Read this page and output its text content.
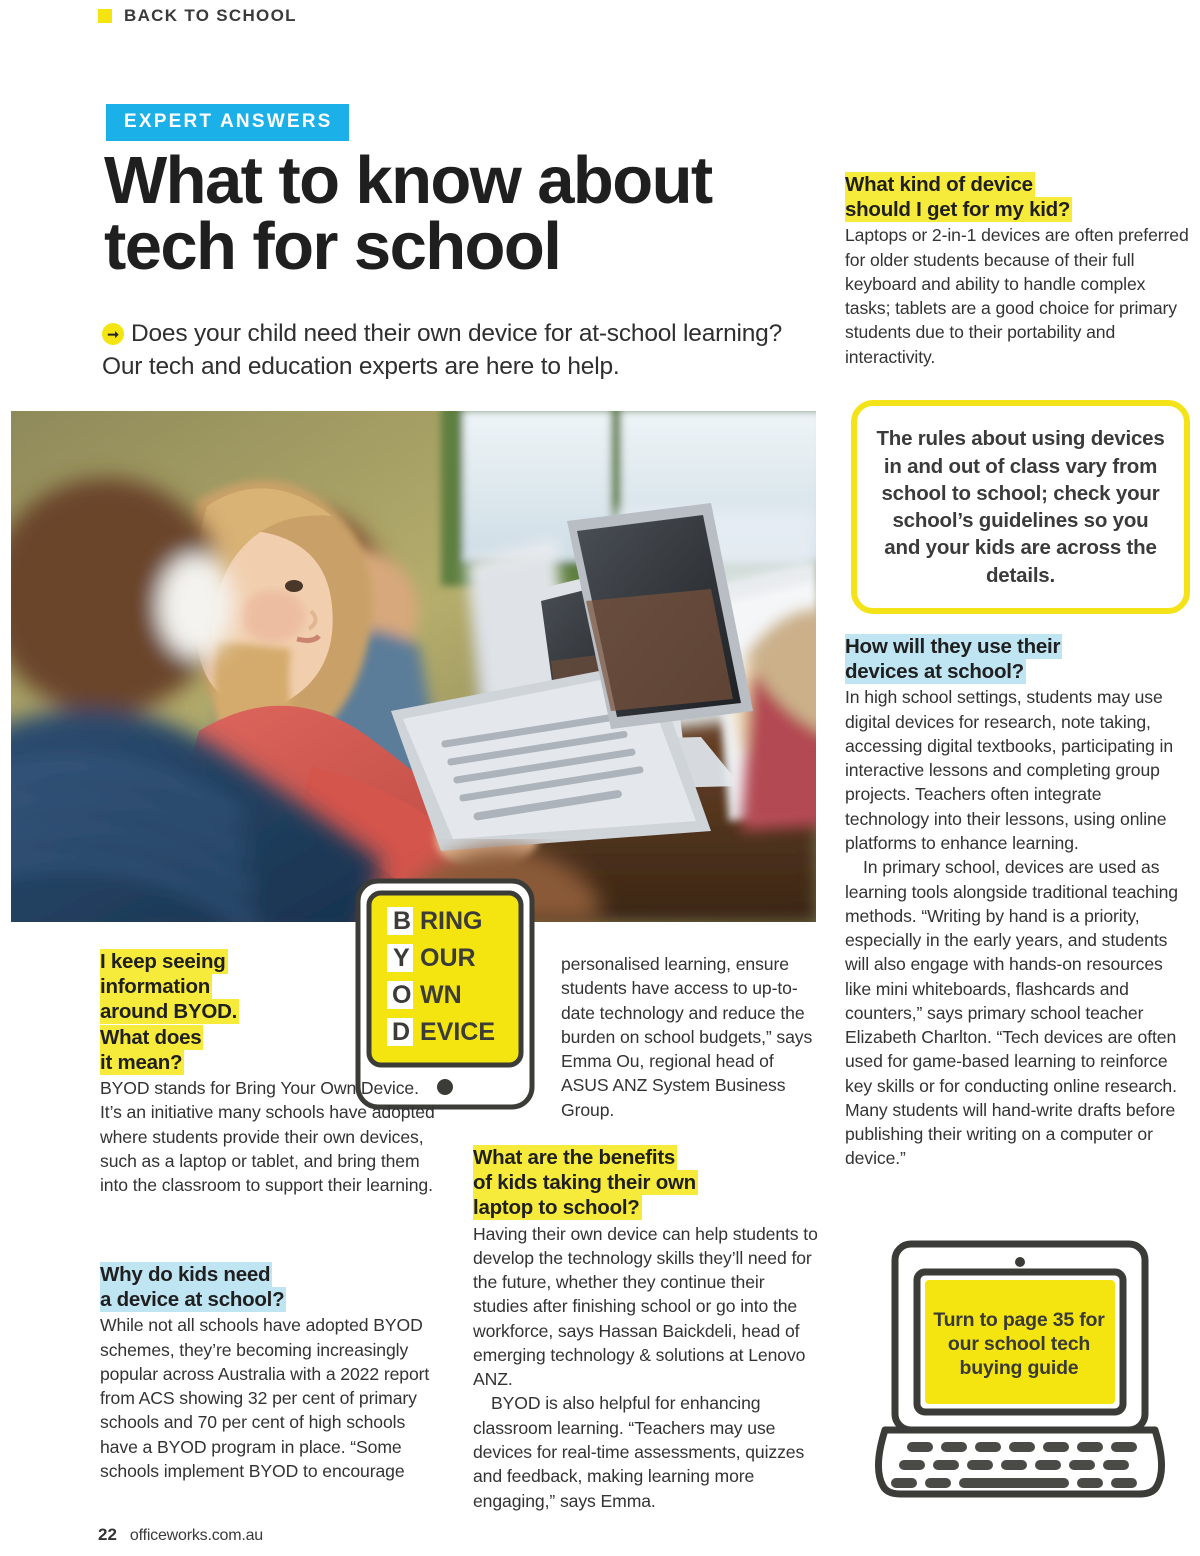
BACK TO SCHOOL
EXPERT ANSWERS
What to know about tech for school
➞ Does your child need their own device for at-school learning? Our tech and education experts are here to help.
What kind of device
should I get for my kid?

Laptops or 2-in-1 devices are often preferred for older students because of their full keyboard and ability to handle complex tasks; tablets are a good choice for primary students due to their portability and interactivity.

The rules about using devices in and out of class vary from school to school; check your school’s guidelines so you and your kids are across the details.
How will they use their
devices at school?

In high school settings, students may use digital devices for research, note taking, accessing digital textbooks, participating in interactive lessons and completing group projects. Teachers often integrate technology into their lessons, using online platforms to enhance learning.

In primary school, devices are used as learning tools alongside traditional teaching methods. “Writing by hand is a priority, especially in the early years, and students will also engage with hands-on resources like mini whiteboards, flashcards and counters,” says primary school teacher Elizabeth Charlton. “Tech devices are often used for game-based learning to reinforce key skills or for conducting online research. Many students will hand-write drafts before publishing their writing on a computer or device.”

B
Y
O
D
RING
OUR
WN
EVICE
I keep seeing
information
around BYOD.
What does
it mean?

BYOD stands for Bring Your Own Device. It’s an initiative many schools have adopted where students provide their own devices, such as a laptop or tablet, and bring them into the classroom to support their learning.

Why do kids need
a device at school?

While not all schools have adopted BYOD schemes, they’re becoming increasingly popular across Australia with a 2022 report from ACS showing 32 per cent of primary schools and 70 per cent of high schools have a BYOD program in place. “Some schools implement BYOD to encourage

personalised learning, ensure students have access to up-to-date technology and reduce the burden on school budgets,” says Emma Ou, regional head of ASUS ANZ System Business Group.

What are the benefits
of kids taking their own
laptop to school?

Having their own device can help students to develop the technology skills they’ll need for the future, whether they continue their studies after finishing school or go into the workforce, says Hassan Baickdeli, head of emerging technology & solutions at Lenovo ANZ.

BYOD is also helpful for enhancing classroom learning. “Teachers may use devices for real-time assessments, quizzes and feedback, making learning more engaging,” says Emma.

Turn to page 35 for our school tech buying guide
22 officeworks.com.au
